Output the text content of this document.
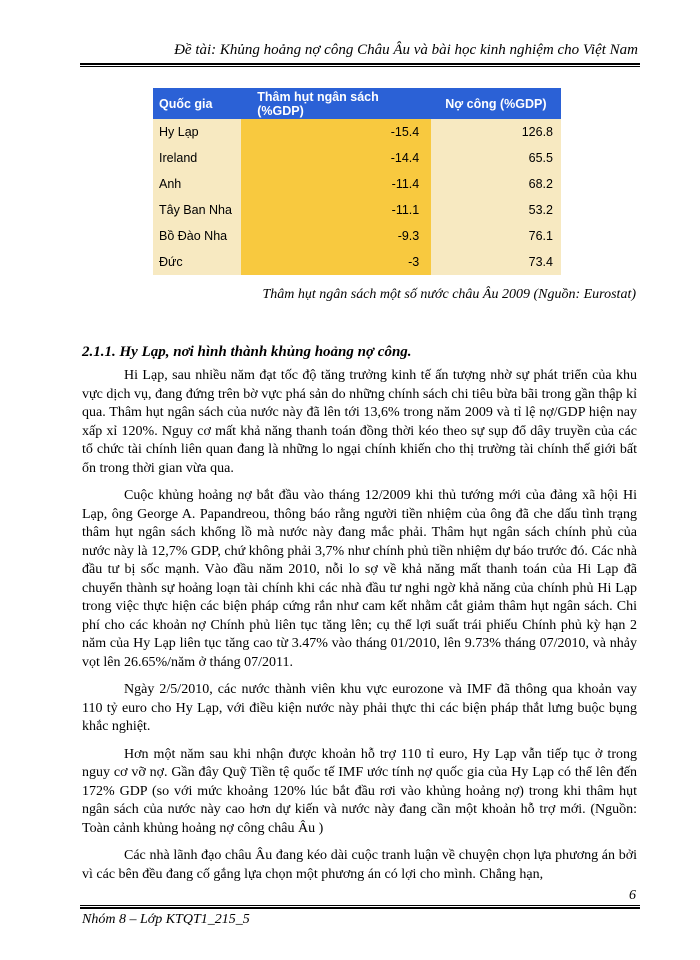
Đề tài: Khủng hoảng nợ công Châu Âu và bài học kinh nghiệm cho Việt Nam
Quốc gia	Thâm hụt ngân sách (%GDP)	Nợ công (%GDP)
Hy Lạp	-15.4	126.8
Ireland	-14.4	65.5
Anh	-11.4	68.2
Tây Ban Nha	-11.1	53.2
Bồ Đào Nha	-9.3	76.1
Đức	-3	73.4
Thâm hụt ngân sách một số nước châu Âu 2009 (Nguồn: Eurostat)
2.1.1. Hy Lạp, nơi hình thành khủng hoảng nợ công.

Hi Lạp, sau nhiều năm đạt tốc độ tăng trưởng kinh tế ấn tượng nhờ sự phát triển của khu vực dịch vụ, đang đứng trên bờ vực phá sản do những chính sách chi tiêu bừa bãi trong gần thập kỉ qua. Thâm hụt ngân sách của nước này đã lên tới 13,6% trong năm 2009 và tỉ lệ nợ/GDP hiện nay xấp xỉ 120%. Nguy cơ mất khả năng thanh toán đồng thời kéo theo sự sụp đổ dây truyền của các tổ chức tài chính liên quan đang là những lo ngại chính khiến cho thị trường tài chính thế giới bất ổn trong thời gian vừa qua.

Cuộc khủng hoảng nợ bắt đầu vào tháng 12/2009 khi thủ tướng mới của đảng xã hội Hi Lạp, ông George A. Papandreou, thông báo rằng người tiền nhiệm của ông đã che dấu tình trạng thâm hụt ngân sách khổng lồ mà nước này đang mắc phải. Thâm hụt ngân sách chính phủ của nước này là 12,7% GDP, chứ không phải 3,7% như chính phủ tiền nhiệm dự báo trước đó. Các nhà đầu tư bị sốc mạnh. Vào đầu năm 2010, nỗi lo sợ về khả năng mất thanh toán của Hi Lạp đã chuyển thành sự hoảng loạn tài chính khi các nhà đầu tư nghi ngờ khả năng của chính phủ Hi Lạp trong việc thực hiện các biện pháp cứng rắn như cam kết nhằm cắt giảm thâm hụt ngân sách. Chi phí cho các khoản nợ Chính phủ liên tục tăng lên; cụ thể lợi suất trái phiếu Chính phủ kỳ hạn 2 năm của Hy Lạp liên tục tăng cao từ 3.47% vào tháng 01/2010, lên 9.73% tháng 07/2010, và nhảy vọt lên 26.65%/năm ở tháng 07/2011.

Ngày 2/5/2010, các nước thành viên khu vực eurozone và IMF đã thông qua khoản vay 110 tỷ euro cho Hy Lạp, với điều kiện nước này phải thực thi các biện pháp thắt lưng buộc bụng khắc nghiệt.

Hơn một năm sau khi nhận được khoản hỗ trợ 110 tỉ euro, Hy Lạp vẫn tiếp tục ở trong nguy cơ vỡ nợ. Gần đây Quỹ Tiền tệ quốc tế IMF ước tính nợ quốc gia của Hy Lạp có thể lên đến 172% GDP (so với mức khoảng 120% lúc bắt đầu rơi vào khủng hoảng nợ) trong khi thâm hụt ngân sách của nước này cao hơn dự kiến và nước này đang cần một khoản hỗ trợ mới. (Nguồn: Toàn cảnh khủng hoảng nợ công châu Âu )

Các nhà lãnh đạo châu Âu đang kéo dài cuộc tranh luận về chuyện chọn lựa phương án bởi vì các bên đều đang cố gắng lựa chọn một phương án có lợi cho mình. Chẳng hạn,

6
Nhóm 8 – Lớp KTQT1_215_5
